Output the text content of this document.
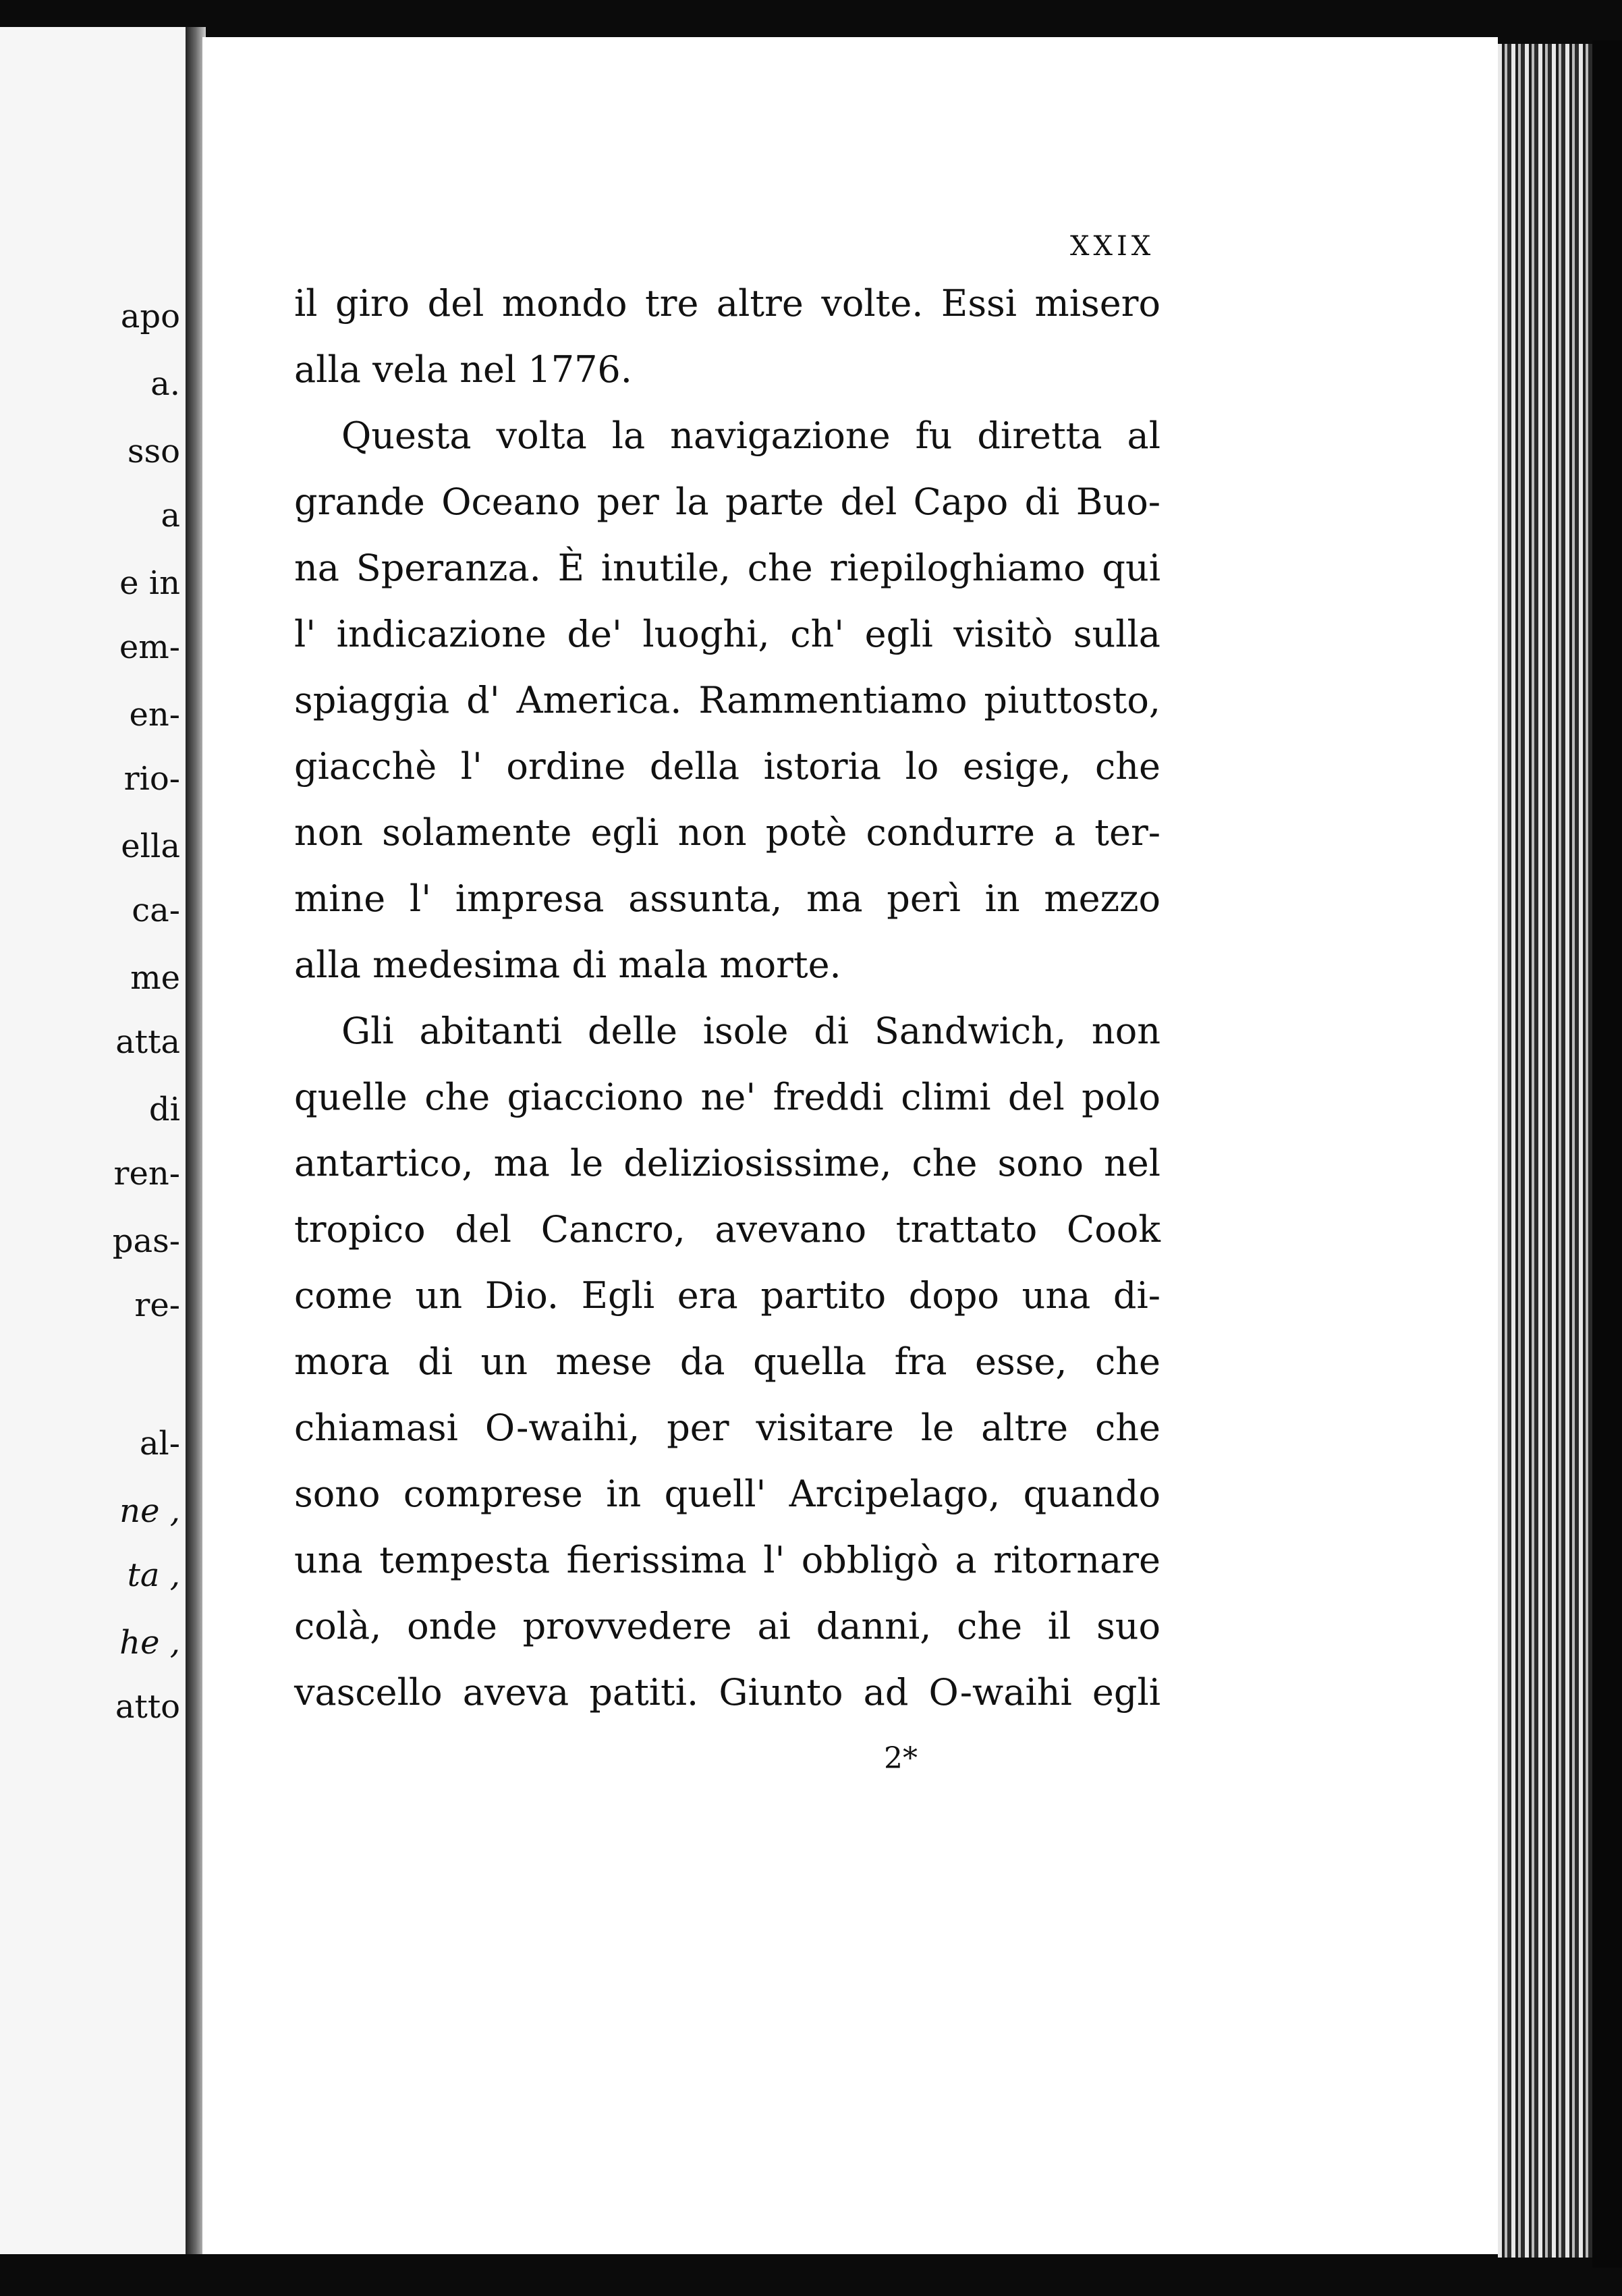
apo
a.
sso
a
e in
em-
en-
rio-
ella
ca-
me
atta
di
ren-
pas-
re-
al-
ne ,
ta ,
he ,
atto
XXIX
il giro del mondo tre altre volte. Essi misero
alla vela nel 1776.
Questa volta la navigazione fu diretta al
grande Oceano per la parte del Capo di Buo-
na Speranza. È inutile, che riepiloghiamo qui
l' indicazione de' luoghi, ch' egli visitò sulla
spiaggia d' America. Rammentiamo piuttosto,
giacchè l' ordine della istoria lo esige, che
non solamente egli non potè condurre a ter-
mine l' impresa assunta, ma perì in mezzo
alla medesima di mala morte.
Gli abitanti delle isole di Sandwich, non
quelle che giacciono ne' freddi climi del polo
antartico, ma le deliziosissime, che sono nel
tropico del Cancro, avevano trattato Cook
come un Dio. Egli era partito dopo una di-
mora di un mese da quella fra esse, che
chiamasi O-waihi, per visitare le altre che
sono comprese in quell' Arcipelago, quando
una tempesta fierissima l' obbligò a ritornare
colà, onde provvedere ai danni, che il suo
vascello aveva patiti. Giunto ad O-waihi egli
2*
